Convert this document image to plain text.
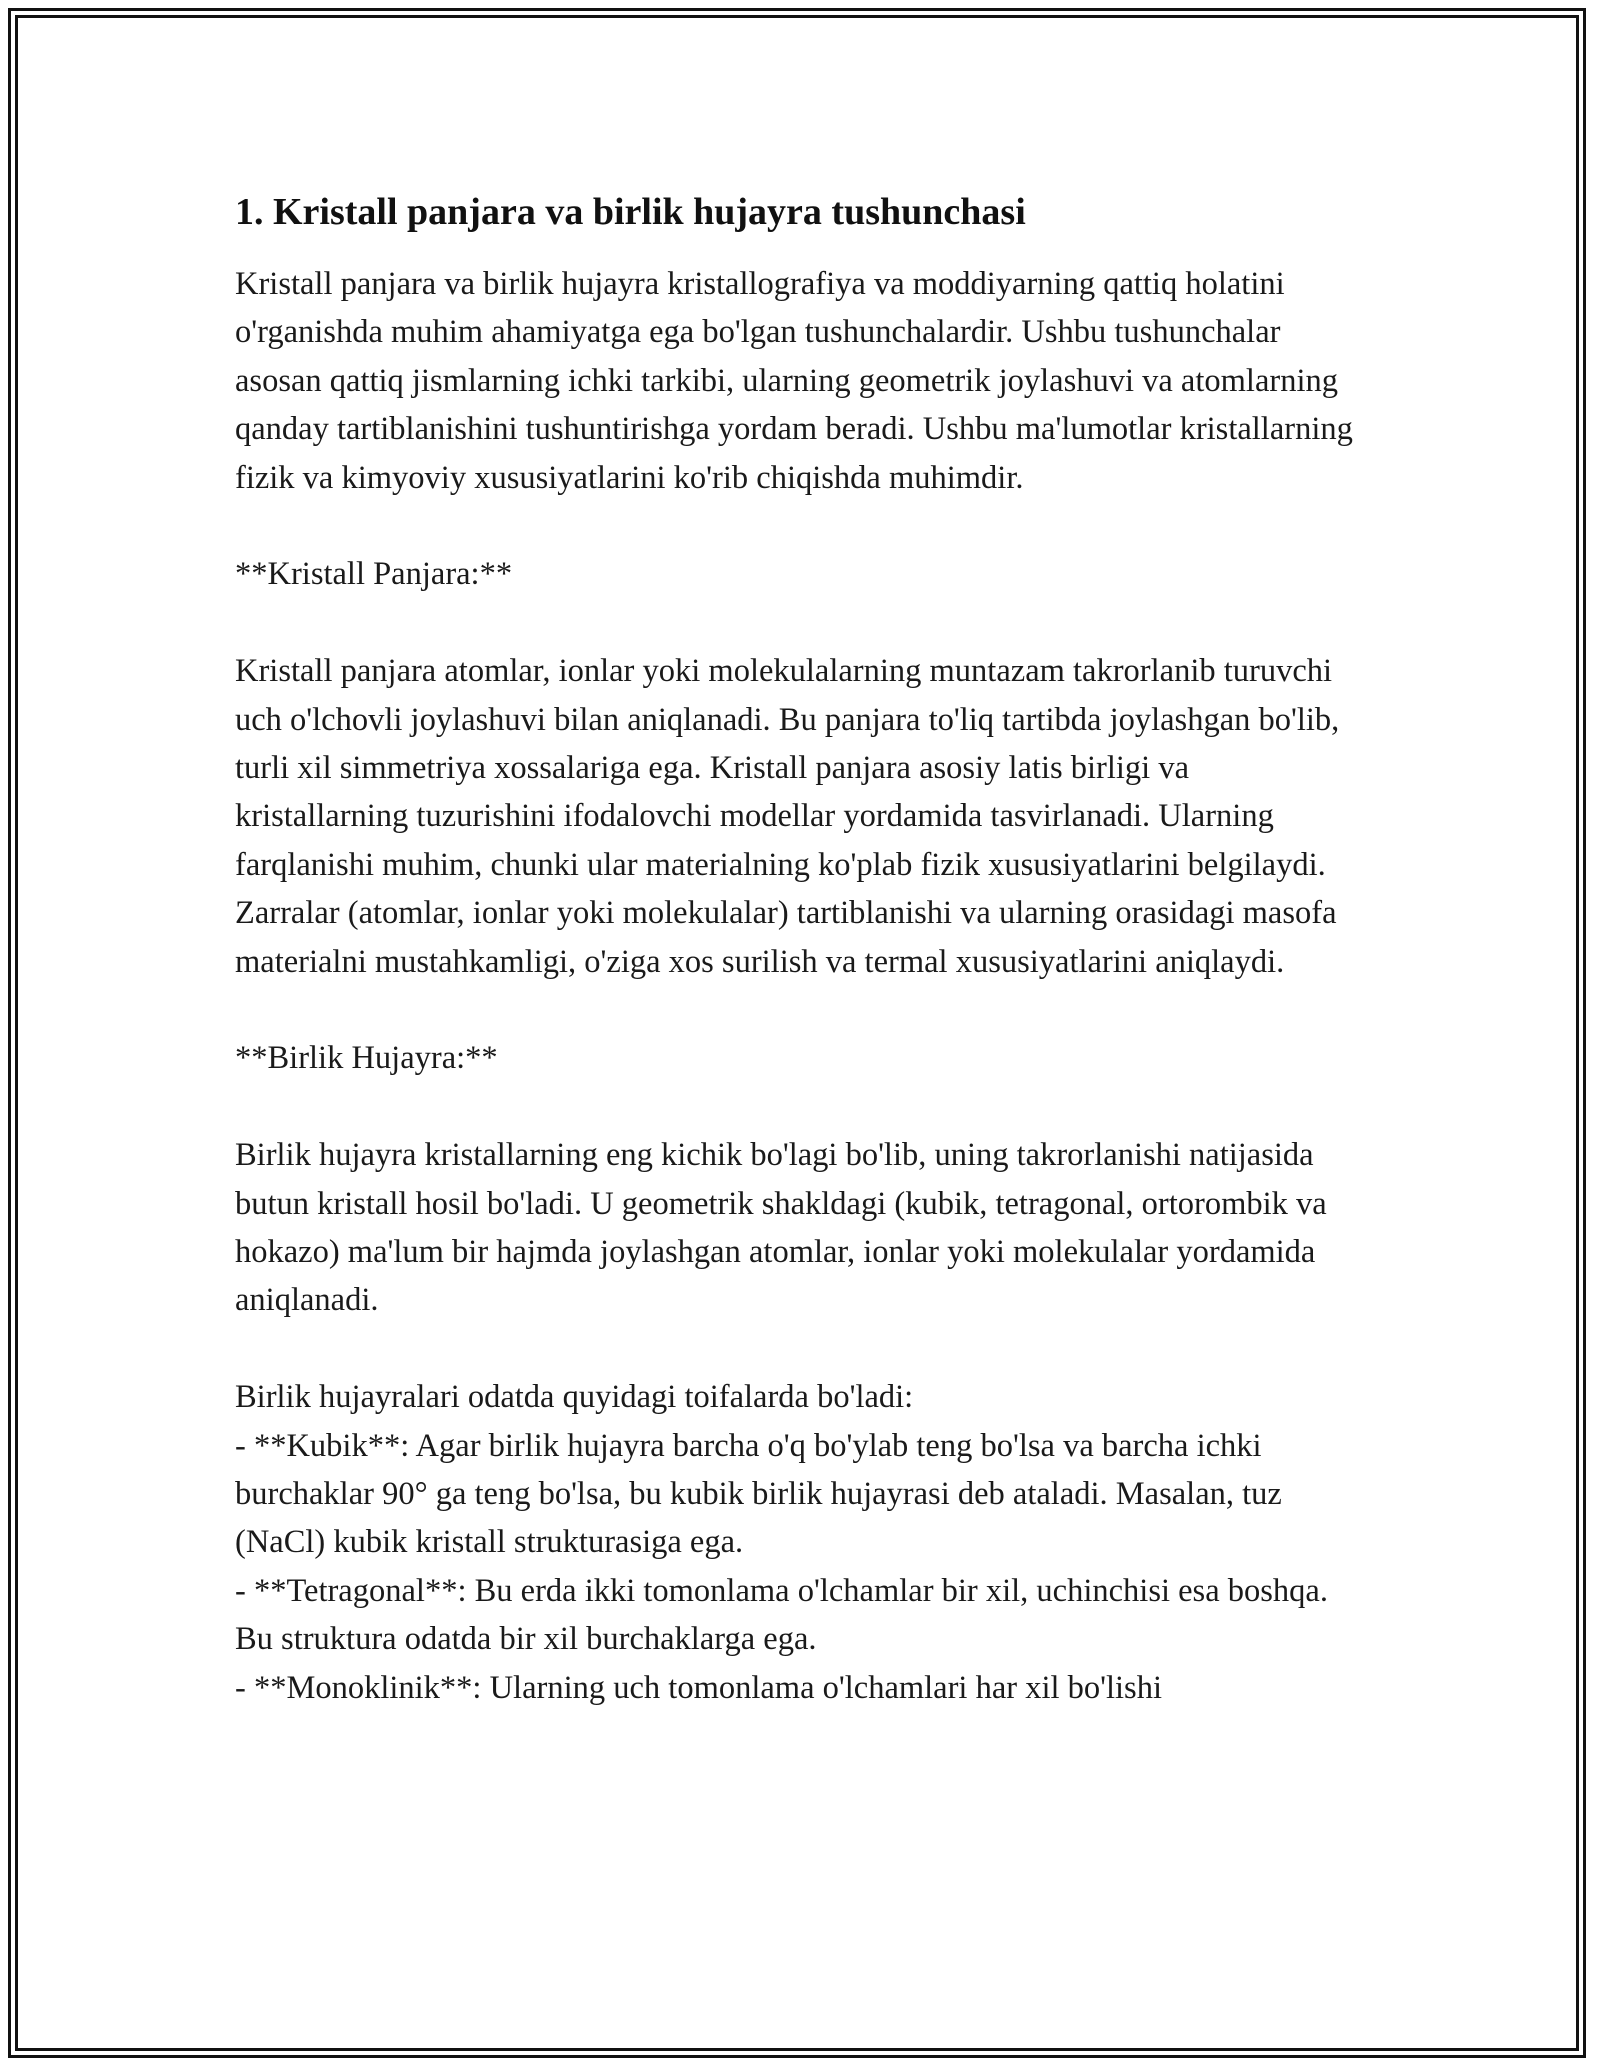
1. Kristall panjara va birlik hujayra tushunchasi

Kristall panjara va birlik hujayra kristallografiya va moddiyarning qattiq holatini o'rganishda muhim ahamiyatga ega bo'lgan tushunchalardir. Ushbu tushunchalar asosan qattiq jismlarning ichki tarkibi, ularning geometrik joylashuvi va atomlarning qanday tartiblanishini tushuntirishga yordam beradi. Ushbu ma'lumotlar kristallarning fizik va kimyoviy xususiyatlarini ko'rib chiqishda muhimdir.

**Kristall Panjara:**

Kristall panjara atomlar, ionlar yoki molekulalarning muntazam takrorlanib turuvchi uch o'lchovli joylashuvi bilan aniqlanadi. Bu panjara to'liq tartibda joylashgan bo'lib, turli xil simmetriya xossalariga ega. Kristall panjara asosiy latis birligi va kristallarning tuzurishini ifodalovchi modellar yordamida tasvirlanadi. Ularning farqlanishi muhim, chunki ular materialning ko'plab fizik xususiyatlarini belgilaydi. Zarralar (atomlar, ionlar yoki molekulalar) tartiblanishi va ularning orasidagi masofa materialni mustahkamligi, o'ziga xos surilish va termal xususiyatlarini aniqlaydi.

**Birlik Hujayra:**

Birlik hujayra kristallarning eng kichik bo'lagi bo'lib, uning takrorlanishi natijasida butun kristall hosil bo'ladi. U geometrik shakldagi (kubik, tetragonal, ortorombik va hokazo) ma'lum bir hajmda joylashgan atomlar, ionlar yoki molekulalar yordamida aniqlanadi.

Birlik hujayralari odatda quyidagi toifalarda bo'ladi:

- **Kubik**: Agar birlik hujayra barcha o'q bo'ylab teng bo'lsa va barcha ichki burchaklar 90° ga teng bo'lsa, bu kubik birlik hujayrasi deb ataladi. Masalan, tuz (NaCl) kubik kristall strukturasiga ega.

- **Tetragonal**: Bu erda ikki tomonlama o'lchamlar bir xil, uchinchisi esa boshqa. Bu struktura odatda bir xil burchaklarga ega.

- **Monoklinik**: Ularning uch tomonlama o'lchamlari har xil bo'lishi
